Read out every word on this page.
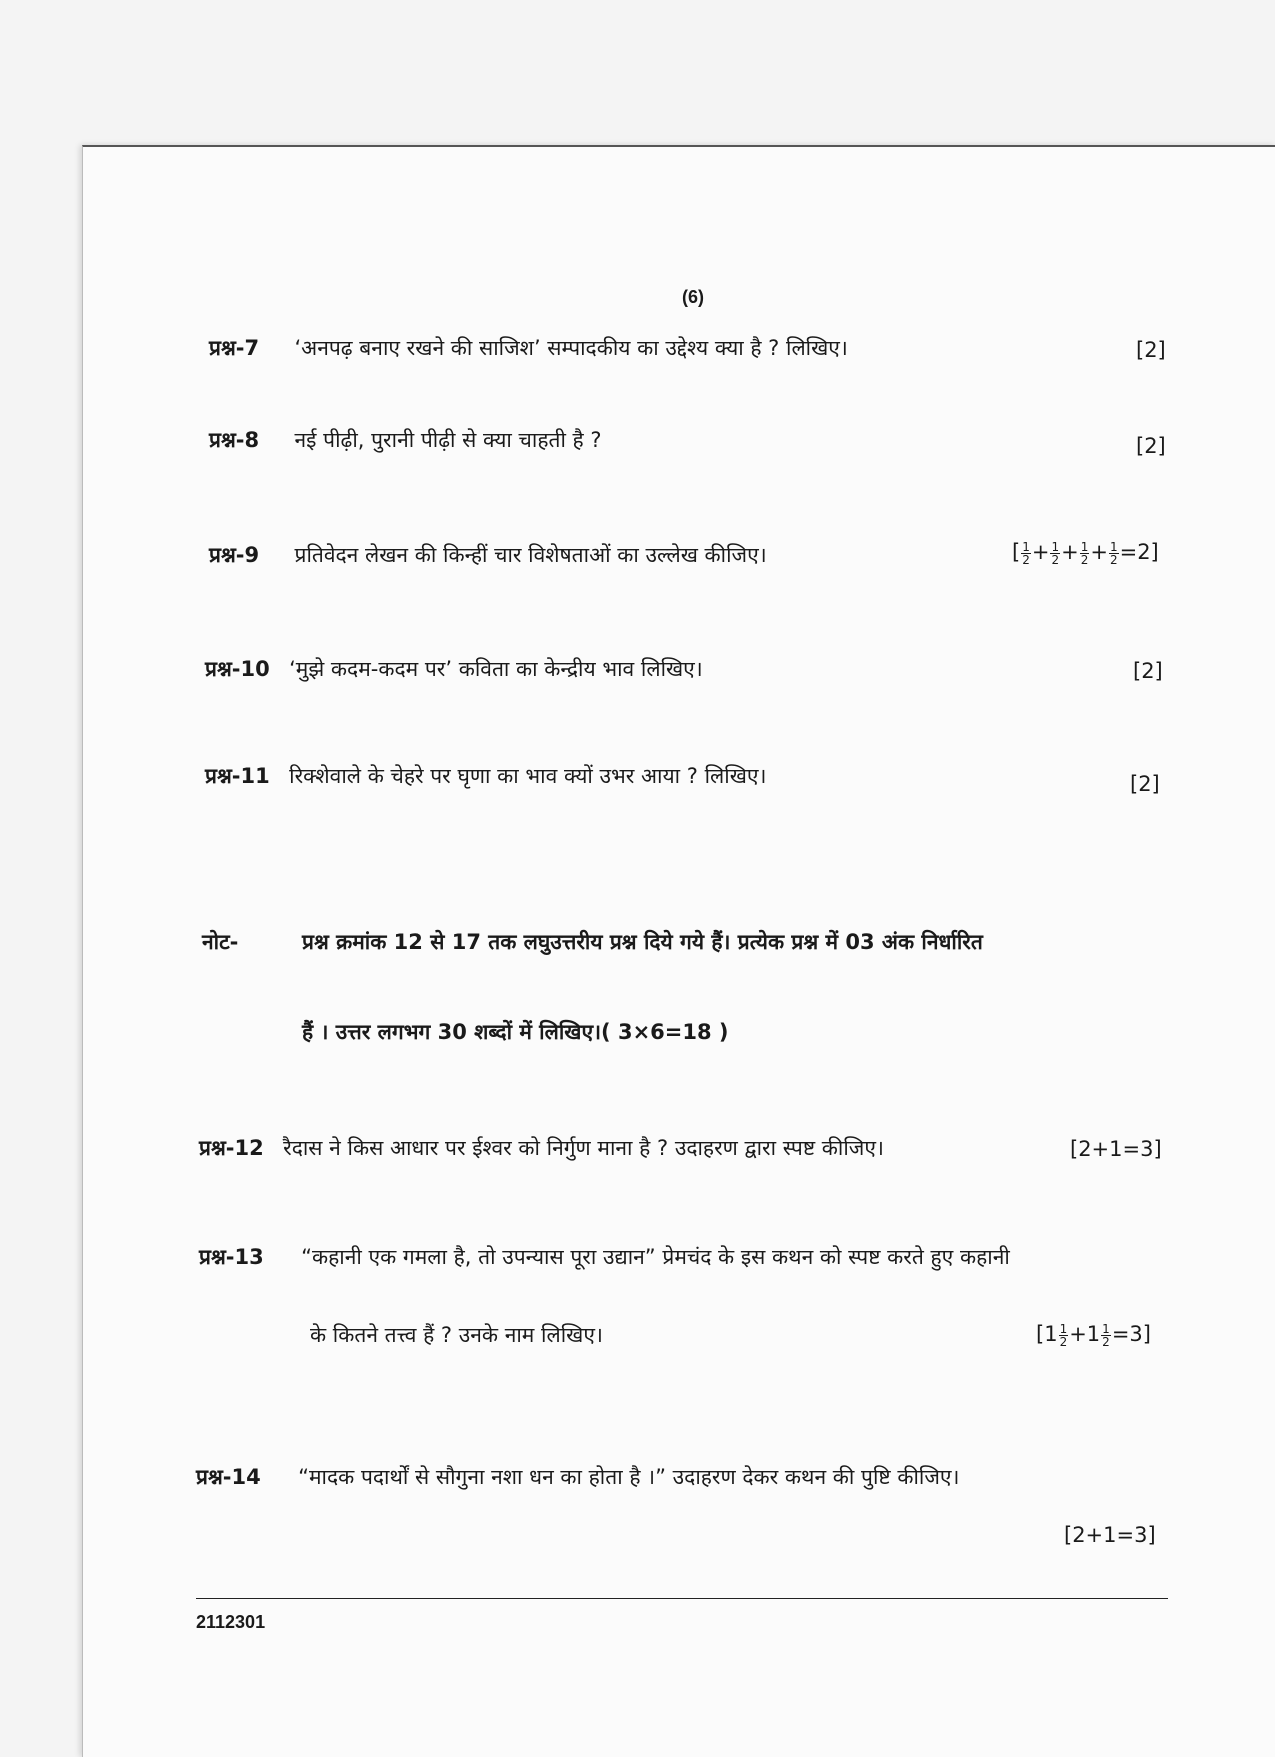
(6)
प्रश्न-7 ‘अनपढ़ बनाए रखने की साजिश’ सम्पादकीय का उद्देश्य क्या है ? लिखिए।	[2]
प्रश्न-8 नई पीढ़ी, पुरानी पीढ़ी से क्या चाहती है ?	[2]
प्रश्न-9 प्रतिवेदन लेखन की किन्हीं चार विशेषताओं का उल्लेख कीजिए।	[ $\frac{1}{2} + \frac{1}{2} + \frac{1}{2} + \frac{1}{2} =2$]
प्रश्न-10 ‘मुझे कदम-कदम पर’ कविता का केन्द्रीय भाव लिखिए।	[2]
प्रश्न-11 रिक्शेवाले के चेहरे पर घृणा का भाव क्यों उभर आया ? लिखिए।	[2]
नोट-	प्रश्न क्रमांक 12 से 17 तक लघुउत्तरीय प्रश्न दिये गये हैं। प्रत्येक प्रश्न में 03 अंक निर्धारित
हैं । उत्तर लगभग 30 शब्दों में लिखिए।( 3×6=18 )
प्रश्न-12 रैदास ने किस आधार पर ईश्वर को निर्गुण माना है ? उदाहरण द्वारा स्पष्ट कीजिए।	[2+1=3]
प्रश्न-13 “कहानी एक गमला है, तो उपन्यास पूरा उद्यान” प्रेमचंद के इस कथन को स्पष्ट करते हुए कहानी
के कितने तत्त्व हैं ? उनके नाम लिखिए।	$[1 \frac{1}{2} +1 \frac{1}{2} =3]$
प्रश्न-14 “मादक पदार्थों से सौगुना नशा धन का होता है ।” उदाहरण देकर कथन की पुष्टि कीजिए।
[2+1=3]
2112301
